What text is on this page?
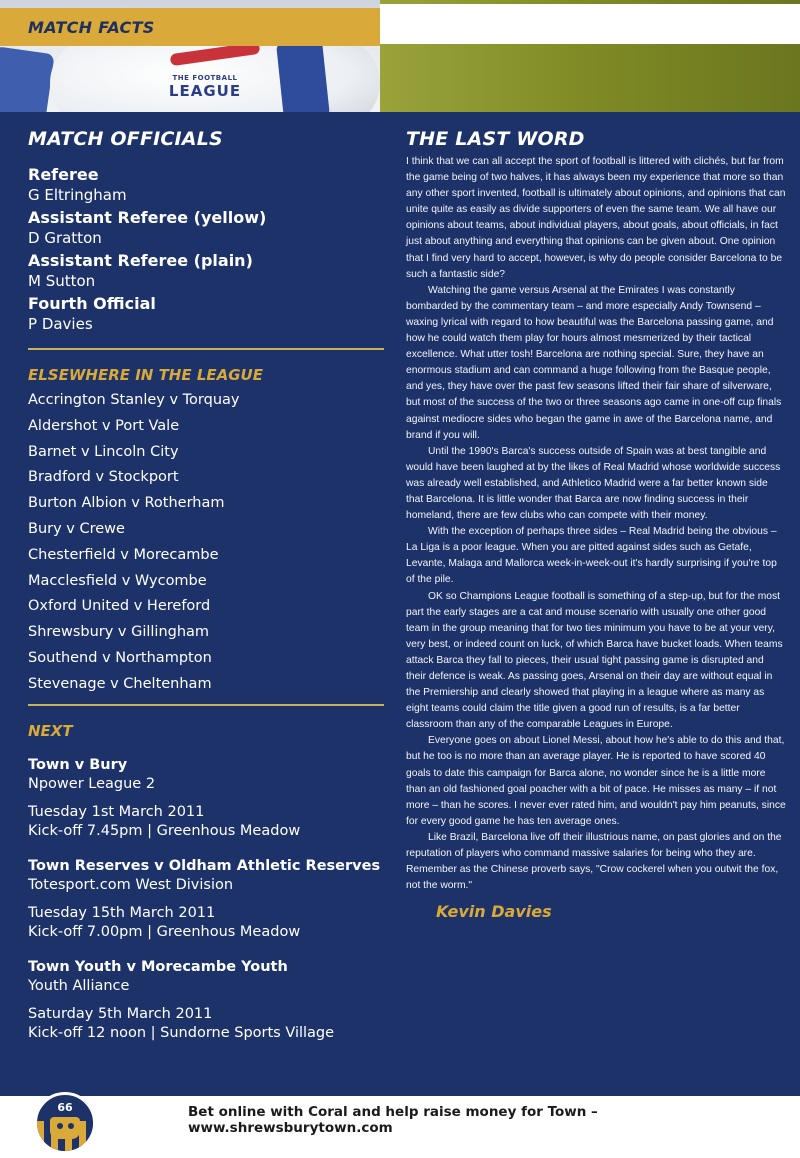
THE FOOTBALL
LEAGUE
MATCH FACTS
MATCH OFFICIALS
Referee
G Eltringham
Assistant Referee (yellow)
D Gratton
Assistant Referee (plain)
M Sutton
Fourth Official
P Davies
ELSEWHERE IN THE LEAGUE
Accrington Stanley v Torquay
Aldershot v Port Vale
Barnet v Lincoln City
Bradford v Stockport
Burton Albion v Rotherham
Bury v Crewe
Chesterfield v Morecambe
Macclesfield v Wycombe
Oxford United v Hereford
Shrewsbury v Gillingham
Southend v Northampton
Stevenage v Cheltenham
NEXT
Town v Bury
Npower League 2
Tuesday 1st March 2011
Kick-off 7.45pm | Greenhous Meadow
Town Reserves v Oldham Athletic Reserves
Totesport.com West Division
Tuesday 15th March 2011
Kick-off 7.00pm | Greenhous Meadow
Town Youth v Morecambe Youth
Youth Alliance
Saturday 5th March 2011
Kick-off 12 noon | Sundorne Sports Village
THE LAST WORD

I think that we can all accept the sport of football is littered with clichés, but far from the game being of two halves, it has always been my experience that more so than any other sport invented, football is ultimately about opinions, and opinions that can unite quite as easily as divide supporters of even the same team. We all have our opinions about teams, about individual players, about goals, about officials, in fact just about anything and everything that opinions can be given about. One opinion that I find very hard to accept, however, is why do people consider Barcelona to be such a fantastic side?

Watching the game versus Arsenal at the Emirates I was constantly bombarded by the commentary team – and more especially Andy Townsend – waxing lyrical with regard to how beautiful was the Barcelona passing game, and how he could watch them play for hours almost mesmerized by their tactical excellence. What utter tosh! Barcelona are nothing special. Sure, they have an enormous stadium and can command a huge following from the Basque people, and yes, they have over the past few seasons lifted their fair share of silverware, but most of the success of the two or three seasons ago came in one-off cup finals against mediocre sides who began the game in awe of the Barcelona name, and brand if you will.

Until the 1990's Barca's success outside of Spain was at best tangible and would have been laughed at by the likes of Real Madrid whose worldwide success was already well established, and Athletico Madrid were a far better known side that Barcelona. It is little wonder that Barca are now finding success in their homeland, there are few clubs who can compete with their money.

With the exception of perhaps three sides – Real Madrid being the obvious – La Liga is a poor league. When you are pitted against sides such as Getafe, Levante, Malaga and Mallorca week-in-week-out it's hardly surprising if you're top of the pile.

OK so Champions League football is something of a step-up, but for the most part the early stages are a cat and mouse scenario with usually one other good team in the group meaning that for two ties minimum you have to be at your very, very best, or indeed count on luck, of which Barca have bucket loads. When teams attack Barca they fall to pieces, their usual tight passing game is disrupted and their defence is weak. As passing goes, Arsenal on their day are without equal in the Premiership and clearly showed that playing in a league where as many as eight teams could claim the title given a good run of results, is a far better classroom than any of the comparable Leagues in Europe.

Everyone goes on about Lionel Messi, about how he's able to do this and that, but he too is no more than an average player. He is reported to have scored 40 goals to date this campaign for Barca alone, no wonder since he is a little more than an old fashioned goal poacher with a bit of pace. He misses as many – if not more – than he scores. I never ever rated him, and wouldn't pay him peanuts, since for every good game he has ten average ones.

Like Brazil, Barcelona live off their illustrious name, on past glories and on the reputation of players who command massive salaries for being who they are. Remember as the Chinese proverb says, "Crow cockerel when you outwit the fox, not the worm."

Kevin Davies
Bet online with Coral and help raise money for Town – www.shrewsburytown.com
66
